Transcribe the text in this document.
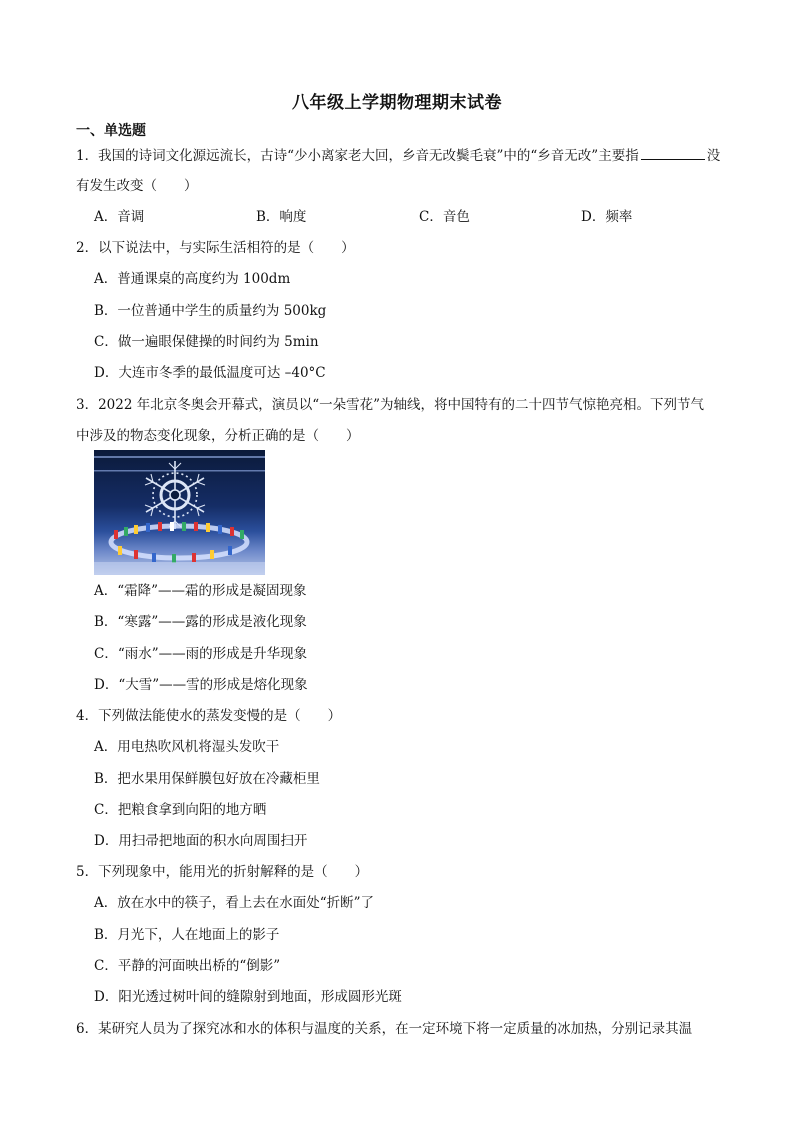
八年级上学期物理期末试卷
一、单选题
1．我国的诗词文化源远流长，古诗“少小离家老大回，乡音无改鬓毛衰”中的“乡音无改”主要指	没
有发生改变（　　）
A．音调	B．响度	C．音色	D．频率
2．以下说法中，与实际生活相符的是（　　）
A．普通课桌的高度约为 100dm
B．一位普通中学生的质量约为 500kg
C．做一遍眼保健操的时间约为 5min
D．大连市冬季的最低温度可达 –40°C
3．2022 年北京冬奥会开幕式，演员以“一朵雪花”为轴线，将中国特有的二十四节气惊艳亮相。下列节气
中涉及的物态变化现象，分析正确的是（　　）
A．“霜降”——霜的形成是凝固现象
B．“寒露”——露的形成是液化现象
C．“雨水”——雨的形成是升华现象
D．“大雪”——雪的形成是熔化现象
4．下列做法能使水的蒸发变慢的是（　　）
A．用电热吹风机将湿头发吹干
B．把水果用保鲜膜包好放在冷藏柜里
C．把粮食拿到向阳的地方晒
D．用扫帚把地面的积水向周围扫开
5．下列现象中，能用光的折射解释的是（　　）
A．放在水中的筷子，看上去在水面处“折断”了
B．月光下，人在地面上的影子
C．平静的河面映出桥的“倒影”
D．阳光透过树叶间的缝隙射到地面，形成圆形光斑
6．某研究人员为了探究冰和水的体积与温度的关系，在一定环境下将一定质量的冰加热，分别记录其温
